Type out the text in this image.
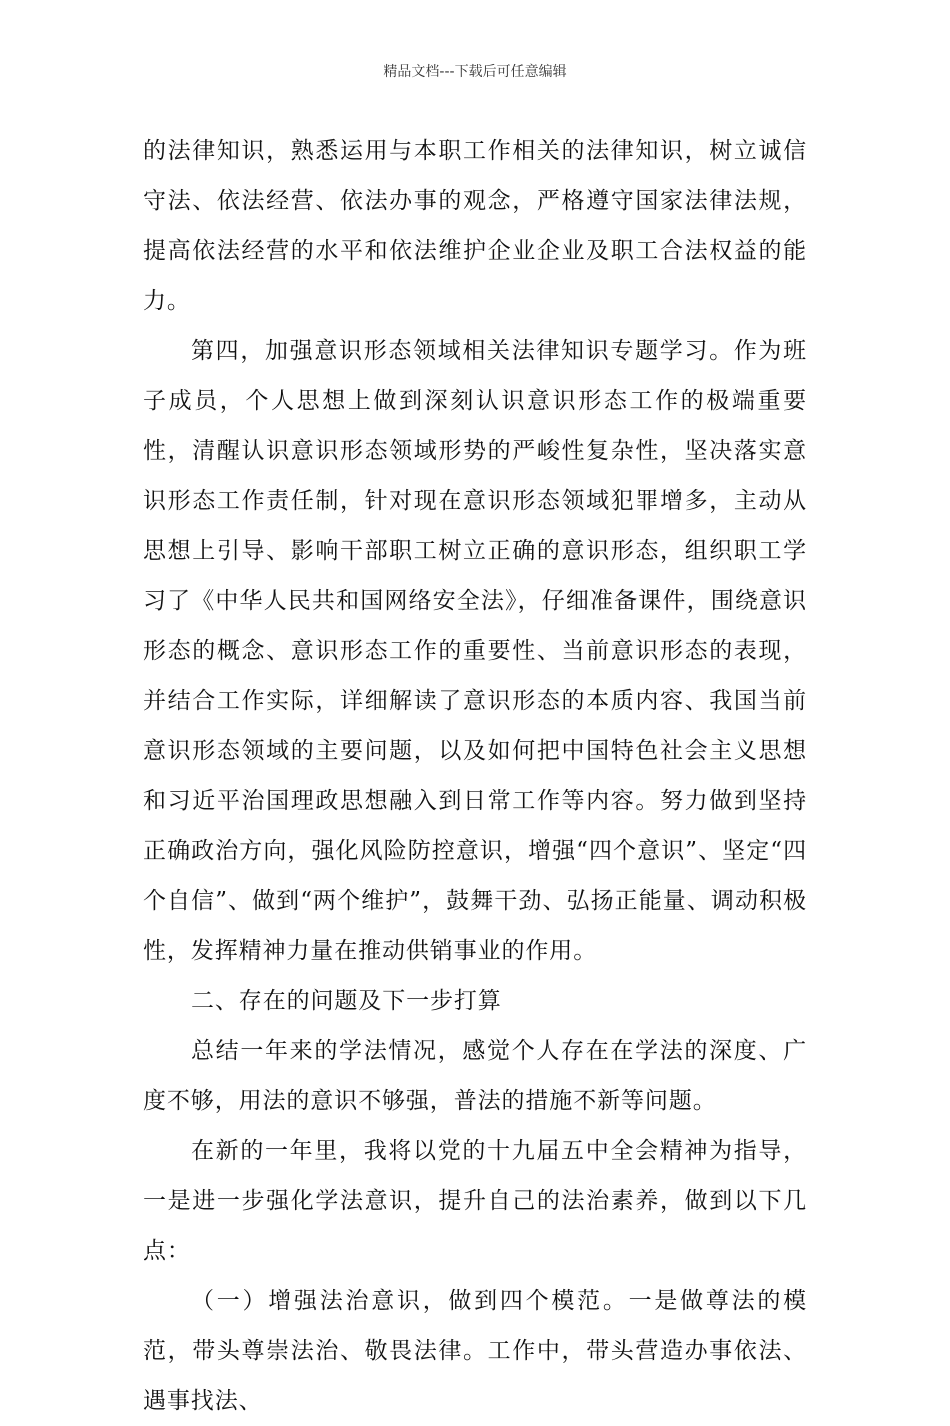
精品文档---下载后可任意编辑

的法律知识，熟悉运用与本职工作相关的法律知识，树立诚信守法、依法经营、依法办事的观念，严格遵守国家法律法规，提高依法经营的水平和依法维护企业企业及职工合法权益的能力。

第四，加强意识形态领域相关法律知识专题学习。作为班子成员，个人思想上做到深刻认识意识形态工作的极端重要性，清醒认识意识形态领域形势的严峻性复杂性，坚决落实意识形态工作责任制，针对现在意识形态领域犯罪增多，主动从思想上引导、影响干部职工树立正确的意识形态，组织职工学习了《中华人民共和国网络安全法》，仔细准备课件，围绕意识形态的概念、意识形态工作的重要性、当前意识形态的表现，并结合工作实际，详细解读了意识形态的本质内容、我国当前意识形态领域的主要问题，以及如何把中国特色社会主义思想和习近平治国理政思想融入到日常工作等内容。努力做到坚持正确政治方向，强化风险防控意识，增强“四个意识”、坚定“四个自信”、做到“两个维护”，鼓舞干劲、弘扬正能量、调动积极性，发挥精神力量在推动供销事业的作用。

二、存在的问题及下一步打算

总结一年来的学法情况，感觉个人存在在学法的深度、广度不够，用法的意识不够强，普法的措施不新等问题。

在新的一年里，我将以党的十九届五中全会精神为指导，一是进一步强化学法意识，提升自己的法治素养，做到以下几点：

（一）增强法治意识，做到四个模范。一是做尊法的模范，带头尊崇法治、敬畏法律。工作中，带头营造办事依法、遇事找法、
